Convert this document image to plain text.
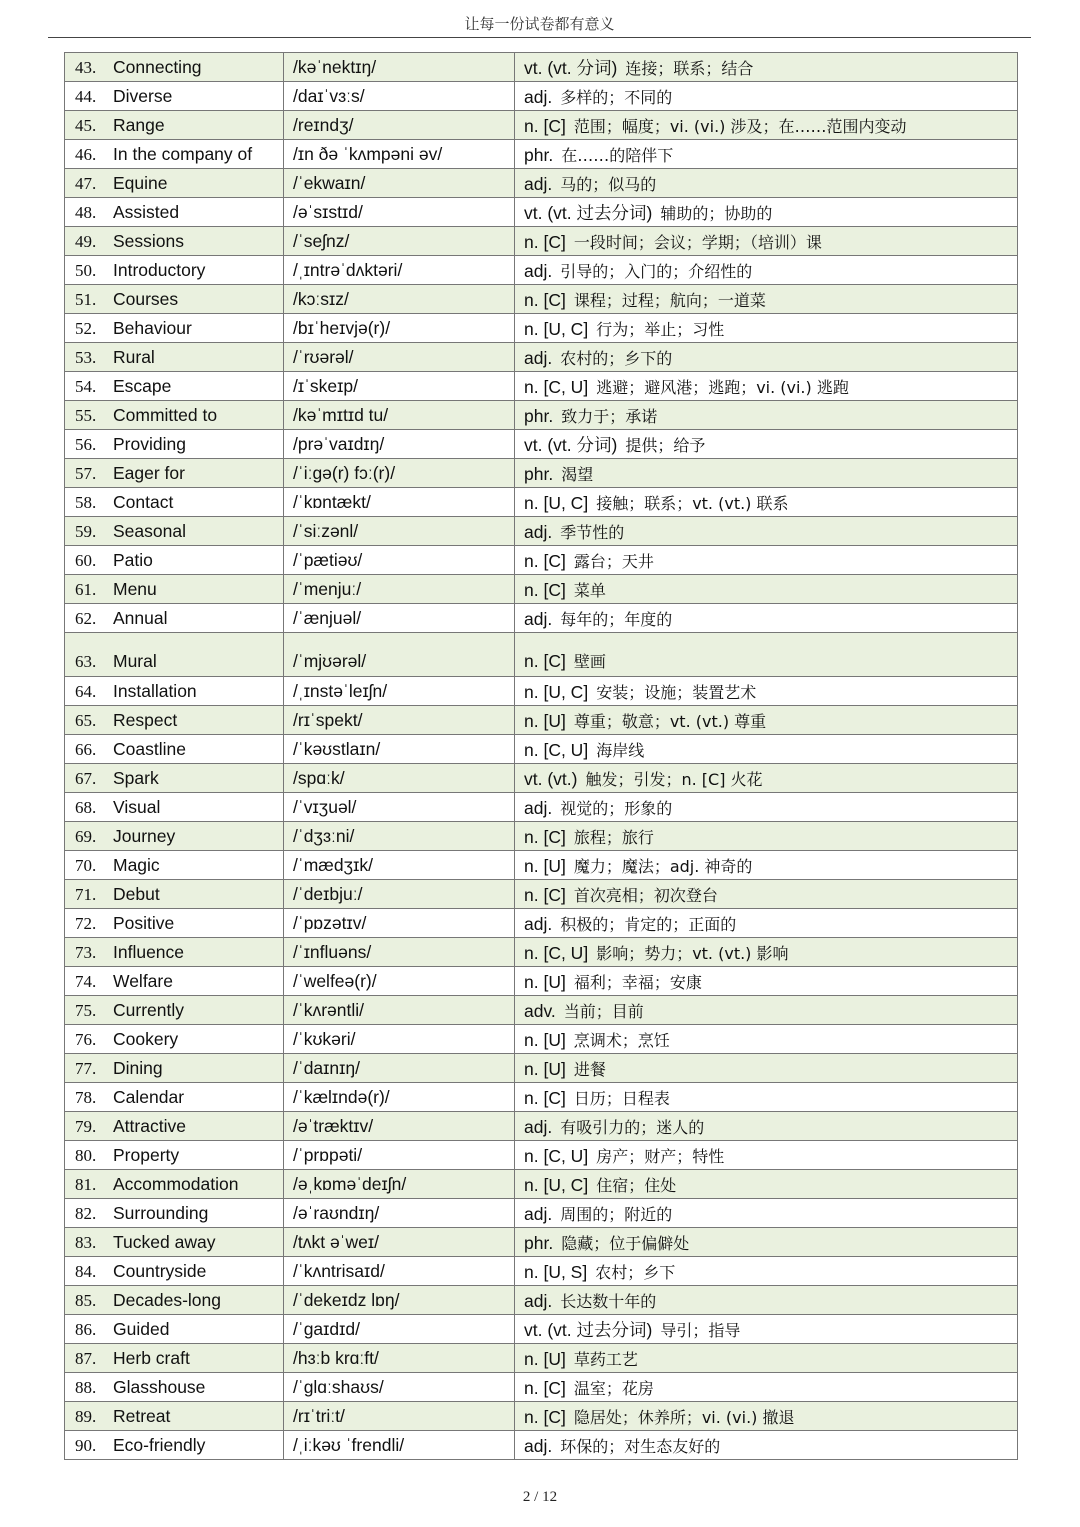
让每一份试卷都有意义
43. Connecting	/kəˈnektɪŋ/	vt. (vt. 分词) 连接；联系；结合
44. Diverse	/daɪˈvɜːs/	adj. 多样的；不同的
45. Range	/reɪndʒ/	n. [C] 范围；幅度；vi. (vi.) 涉及；在……范围内变动
46. In the company of	/ɪn ðə ˈkʌmpəni əv/	phr. 在……的陪伴下
47. Equine	/ˈekwaɪn/	adj. 马的；似马的
48. Assisted	/əˈsɪstɪd/	vt. (vt. 过去分词) 辅助的；协助的
49. Sessions	/ˈseʃnz/	n. [C] 一段时间；会议；学期；（培训）课
50. Introductory	/ˌɪntrəˈdʌktəri/	adj. 引导的；入门的；介绍性的
51. Courses	/kɔːsɪz/	n. [C] 课程；过程；航向；一道菜
52. Behaviour	/bɪˈheɪvjə(r)/	n. [U, C] 行为；举止；习性
53. Rural	/ˈrʊərəl/	adj. 农村的；乡下的
54. Escape	/ɪˈskeɪp/	n. [C, U] 逃避；避风港；逃跑；vi. (vi.) 逃跑
55. Committed to	/kəˈmɪtɪd tu/	phr. 致力于；承诺
56. Providing	/prəˈvaɪdɪŋ/	vt. (vt. 分词) 提供；给予
57. Eager for	/ˈiːɡə(r) fɔː(r)/	phr. 渴望
58. Contact	/ˈkɒntækt/	n. [U, C] 接触；联系；vt. (vt.) 联系
59. Seasonal	/ˈsiːzənl/	adj. 季节性的
60. Patio	/ˈpætiəʊ/	n. [C] 露台；天井
61. Menu	/ˈmenjuː/	n. [C] 菜单
62. Annual	/ˈænjuəl/	adj. 每年的；年度的
63. Mural	/ˈmjʊərəl/	n. [C] 壁画
64. Installation	/ˌɪnstəˈleɪʃn/	n. [U, C] 安装；设施；装置艺术
65. Respect	/rɪˈspekt/	n. [U] 尊重；敬意；vt. (vt.) 尊重
66. Coastline	/ˈkəʊstlaɪn/	n. [C, U] 海岸线
67. Spark	/spɑːk/	vt. (vt.) 触发；引发；n. [C] 火花
68. Visual	/ˈvɪʒuəl/	adj. 视觉的；形象的
69. Journey	/ˈdʒɜːni/	n. [C] 旅程；旅行
70. Magic	/ˈmædʒɪk/	n. [U] 魔力；魔法；adj. 神奇的
71. Debut	/ˈdeɪbjuː/	n. [C] 首次亮相；初次登台
72. Positive	/ˈpɒzətɪv/	adj. 积极的；肯定的；正面的
73. Influence	/ˈɪnfluəns/	n. [C, U] 影响；势力；vt. (vt.) 影响
74. Welfare	/ˈwelfeə(r)/	n. [U] 福利；幸福；安康
75. Currently	/ˈkʌrəntli/	adv. 当前；目前
76. Cookery	/ˈkʊkəri/	n. [U] 烹调术；烹饪
77. Dining	/ˈdaɪnɪŋ/	n. [U] 进餐
78. Calendar	/ˈkælɪndə(r)/	n. [C] 日历；日程表
79. Attractive	/əˈtræktɪv/	adj. 有吸引力的；迷人的
80. Property	/ˈprɒpəti/	n. [C, U] 房产；财产；特性
81. Accommodation	/əˌkɒməˈdeɪʃn/	n. [U, C] 住宿；住处
82. Surrounding	/əˈraʊndɪŋ/	adj. 周围的；附近的
83. Tucked away	/tʌkt əˈweɪ/	phr. 隐藏；位于偏僻处
84. Countryside	/ˈkʌntrisaɪd/	n. [U, S] 农村；乡下
85. Decades-long	/ˈdekeɪdz lɒŋ/	adj. 长达数十年的
86. Guided	/ˈɡaɪdɪd/	vt. (vt. 过去分词) 导引；指导
87. Herb craft	/hɜːb krɑːft/	n. [U] 草药工艺
88. Glasshouse	/ˈɡlɑːshaʊs/	n. [C] 温室；花房
89. Retreat	/rɪˈtriːt/	n. [C] 隐居处；休养所；vi. (vi.) 撤退
90. Eco-friendly	/ˌiːkəʊ ˈfrendli/	adj. 环保的；对生态友好的
2 / 12
